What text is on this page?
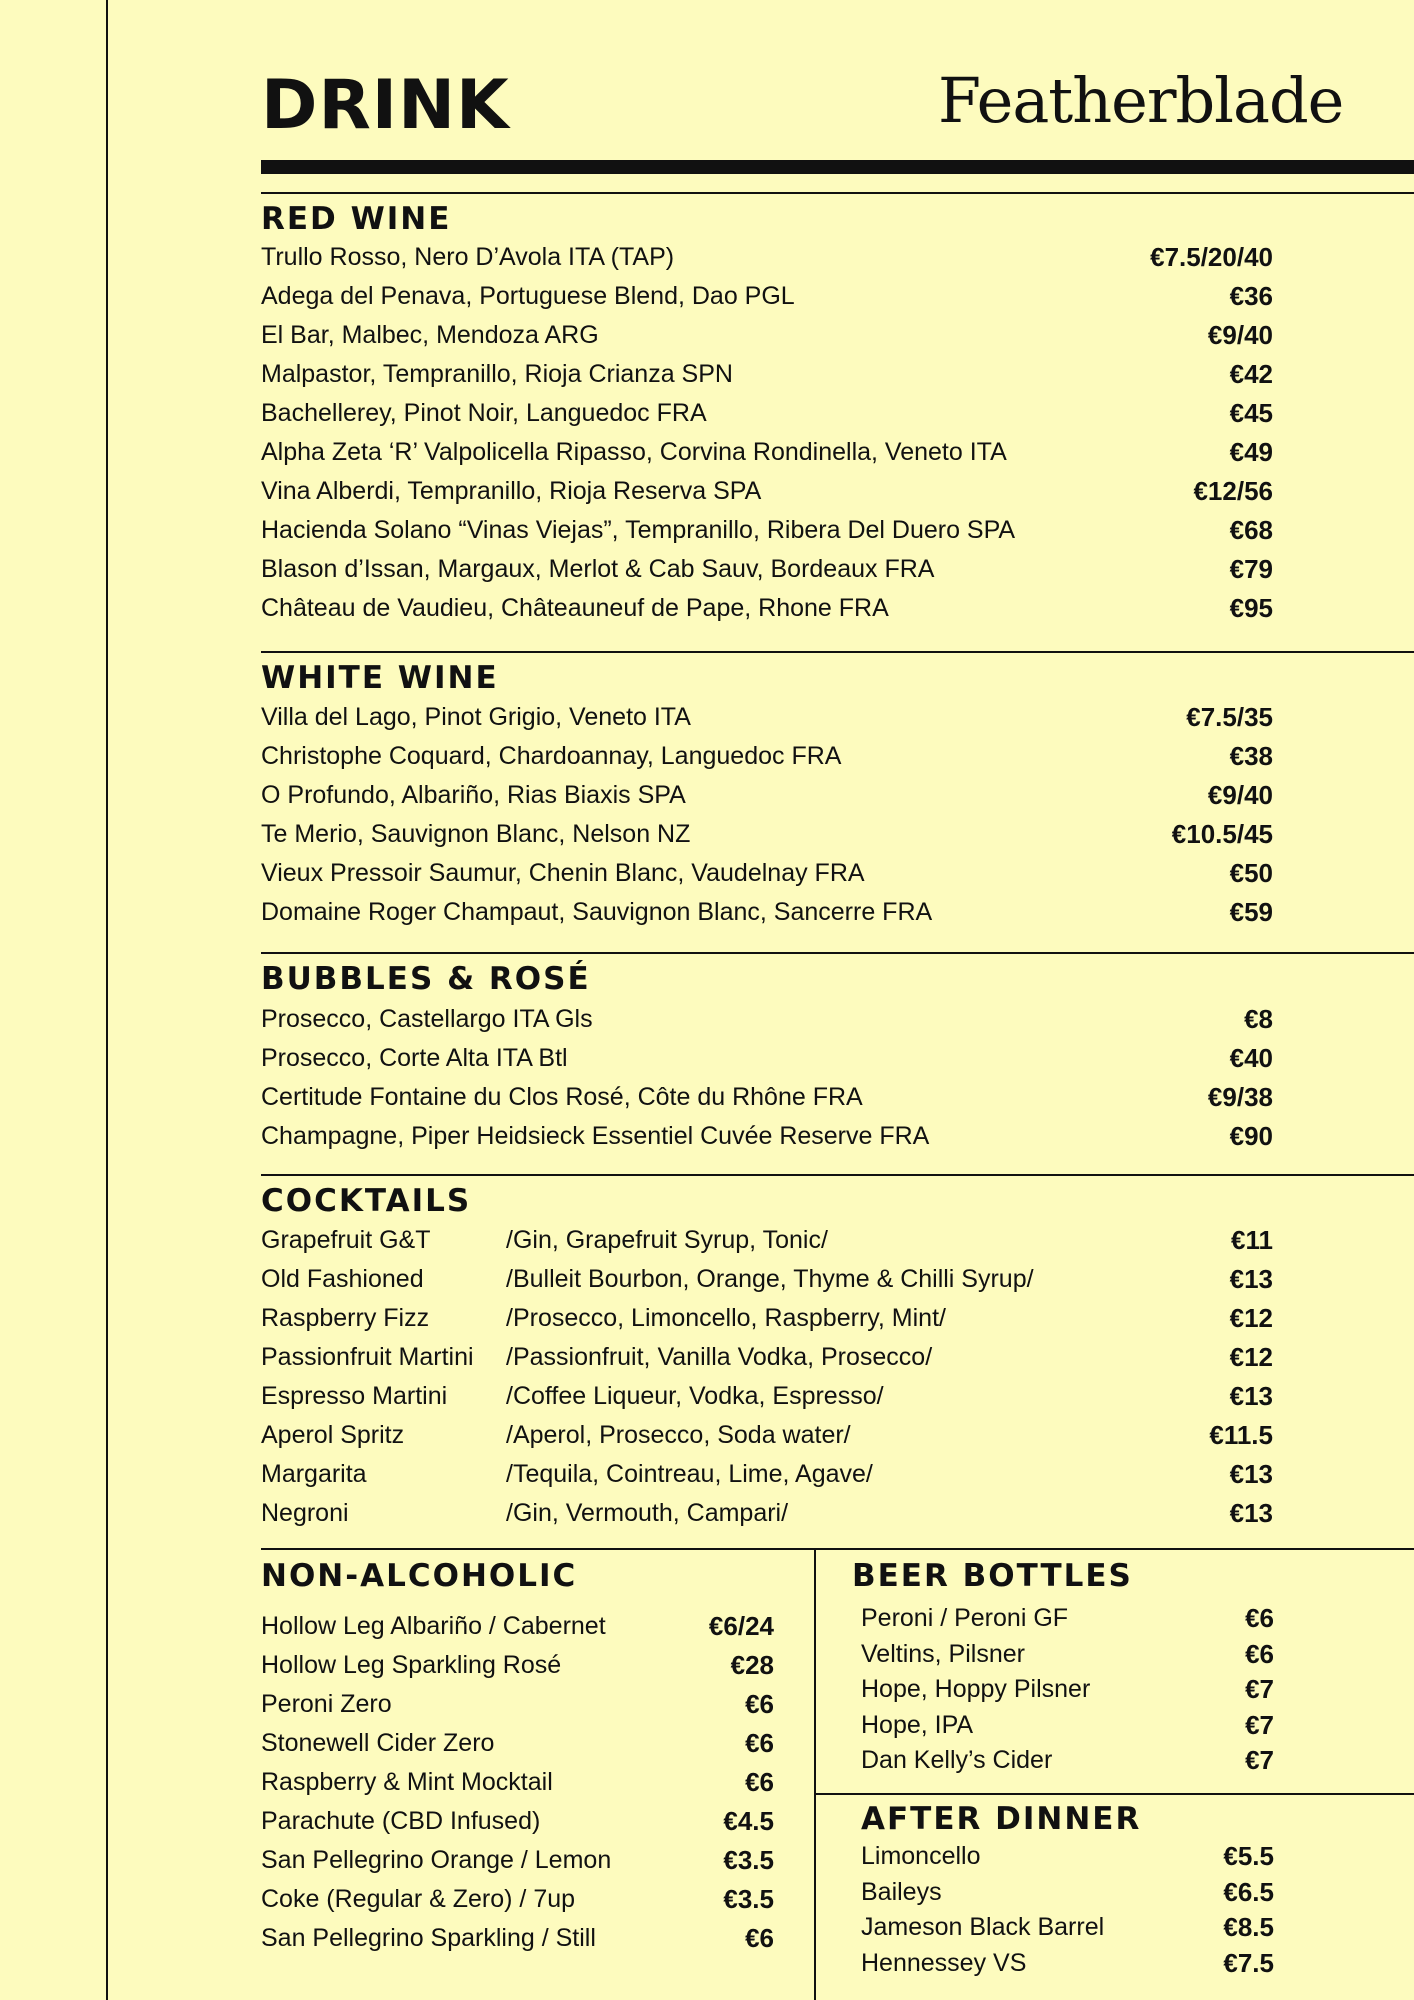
DRINK	Featherblade
RED WINE
Trullo Rosso, Nero D’Avola ITA (TAP)	€7.5/20/40
Adega del Penava, Portuguese Blend, Dao PGL	€36
El Bar, Malbec, Mendoza ARG	€9/40
Malpastor, Tempranillo, Rioja Crianza SPN	€42
Bachellerey, Pinot Noir, Languedoc FRA	€45
Alpha Zeta ‘R’ Valpolicella Ripasso, Corvina Rondinella, Veneto ITA	€49
Vina Alberdi, Tempranillo, Rioja Reserva SPA	€12/56
Hacienda Solano “Vinas Viejas”, Tempranillo, Ribera Del Duero SPA	€68
Blason d’Issan, Margaux, Merlot & Cab Sauv, Bordeaux FRA	€79
Château de Vaudieu, Châteauneuf de Pape, Rhone FRA	€95
WHITE WINE
Villa del Lago, Pinot Grigio, Veneto ITA	€7.5/35
Christophe Coquard, Chardoannay, Languedoc FRA	€38
O Profundo, Albariño, Rias Biaxis SPA	€9/40
Te Merio, Sauvignon Blanc, Nelson NZ	€10.5/45
Vieux Pressoir Saumur, Chenin Blanc, Vaudelnay FRA	€50
Domaine Roger Champaut, Sauvignon Blanc, Sancerre FRA	€59
BUBBLES & ROSÉ
Prosecco, Castellargo ITA Gls	€8
Prosecco, Corte Alta ITA Btl	€40
Certitude Fontaine du Clos Rosé, Côte du Rhône FRA	€9/38
Champagne, Piper Heidsieck Essentiel Cuvée Reserve FRA	€90
COCKTAILS
Grapefruit G&T	/Gin, Grapefruit Syrup, Tonic/	€11
Old Fashioned	/Bulleit Bourbon, Orange, Thyme & Chilli Syrup/	€13
Raspberry Fizz	/Prosecco, Limoncello, Raspberry, Mint/	€12
Passionfruit Martini /Passionfruit, Vanilla Vodka, Prosecco/	€12
Espresso Martini /Coffee Liqueur, Vodka, Espresso/	€13
Aperol Spritz	/Aperol, Prosecco, Soda water/	€11.5
Margarita	/Tequila, Cointreau, Lime, Agave/	€13
Negroni	/Gin, Vermouth, Campari/	€13
NON-ALCOHOLIC
Hollow Leg Albariño / Cabernet	€6/24
Hollow Leg Sparkling Rosé	€28
Peroni Zero	€6
Stonewell Cider Zero	€6
Raspberry & Mint Mocktail	€6
Parachute (CBD Infused)	€4.5
San Pellegrino Orange / Lemon	€3.5
Coke (Regular & Zero) / 7up	€3.5
San Pellegrino Sparkling / Still	€6
BEER BOTTLES
Peroni / Peroni GF	€6
Veltins, Pilsner	€6
Hope, Hoppy Pilsner	€7
Hope, IPA	€7
Dan Kelly’s Cider	€7
AFTER DINNER
Limoncello	€5.5
Baileys	€6.5
Jameson Black Barrel	€8.5
Hennessey VS	€7.5
